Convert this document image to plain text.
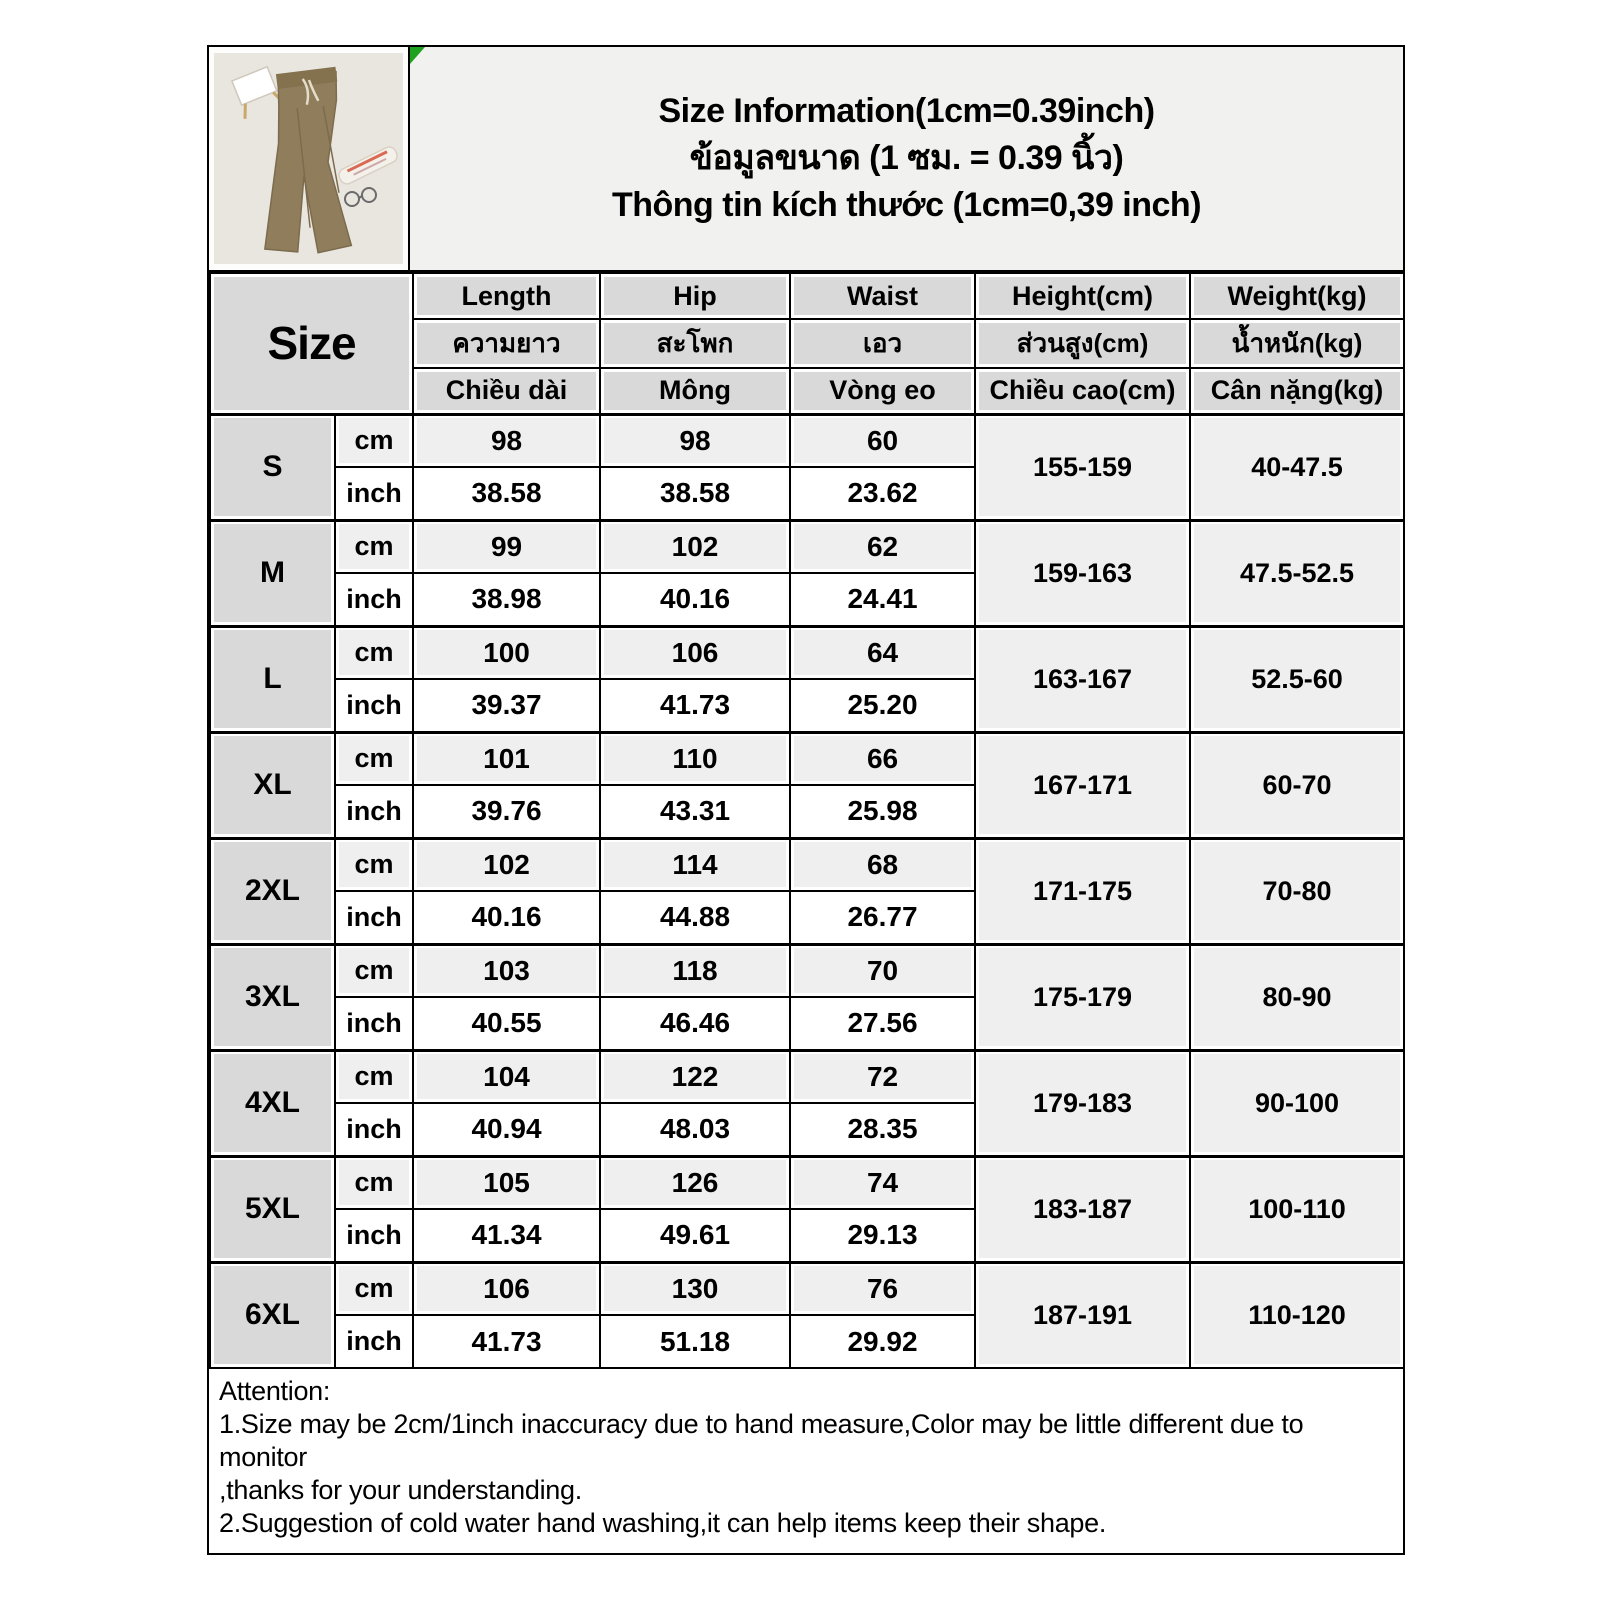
Size Information(1cm=0.39inch)
ข้อมูลขนาด (1 ซม. = 0.39 นิ้ว)
Thông tin kích thước (1cm=0,39 inch)
Size		Length	Hip	Waist	Height(cm)	Weight(kg)
		ความยาว	สะโพก	เอว	ส่วนสูง(cm)	น้ำหนัก(kg)
		Chiều dài	Mông	Vòng eo	Chiều cao(cm)	Cân nặng(kg)
S	cm	98	98	60	155-159	40-47.5
	inch	38.58	38.58	23.62		
M	cm	99	102	62	159-163	47.5-52.5
	inch	38.98	40.16	24.41		
L	cm	100	106	64	163-167	52.5-60
	inch	39.37	41.73	25.20		
XL	cm	101	110	66	167-171	60-70
	inch	39.76	43.31	25.98		
2XL	cm	102	114	68	171-175	70-80
	inch	40.16	44.88	26.77		
3XL	cm	103	118	70	175-179	80-90
	inch	40.55	46.46	27.56		
4XL	cm	104	122	72	179-183	90-100
	inch	40.94	48.03	28.35		
5XL	cm	105	126	74	183-187	100-110
	inch	41.34	49.61	29.13		
6XL	cm	106	130	76	187-191	110-120
	inch	41.73	51.18	29.92		
Attention:
1.Size may be 2cm/1inch inaccuracy due to hand measure,Color may be little different due to monitor
,thanks for your understanding.
2.Suggestion of cold water hand washing,it can help items keep their shape.
